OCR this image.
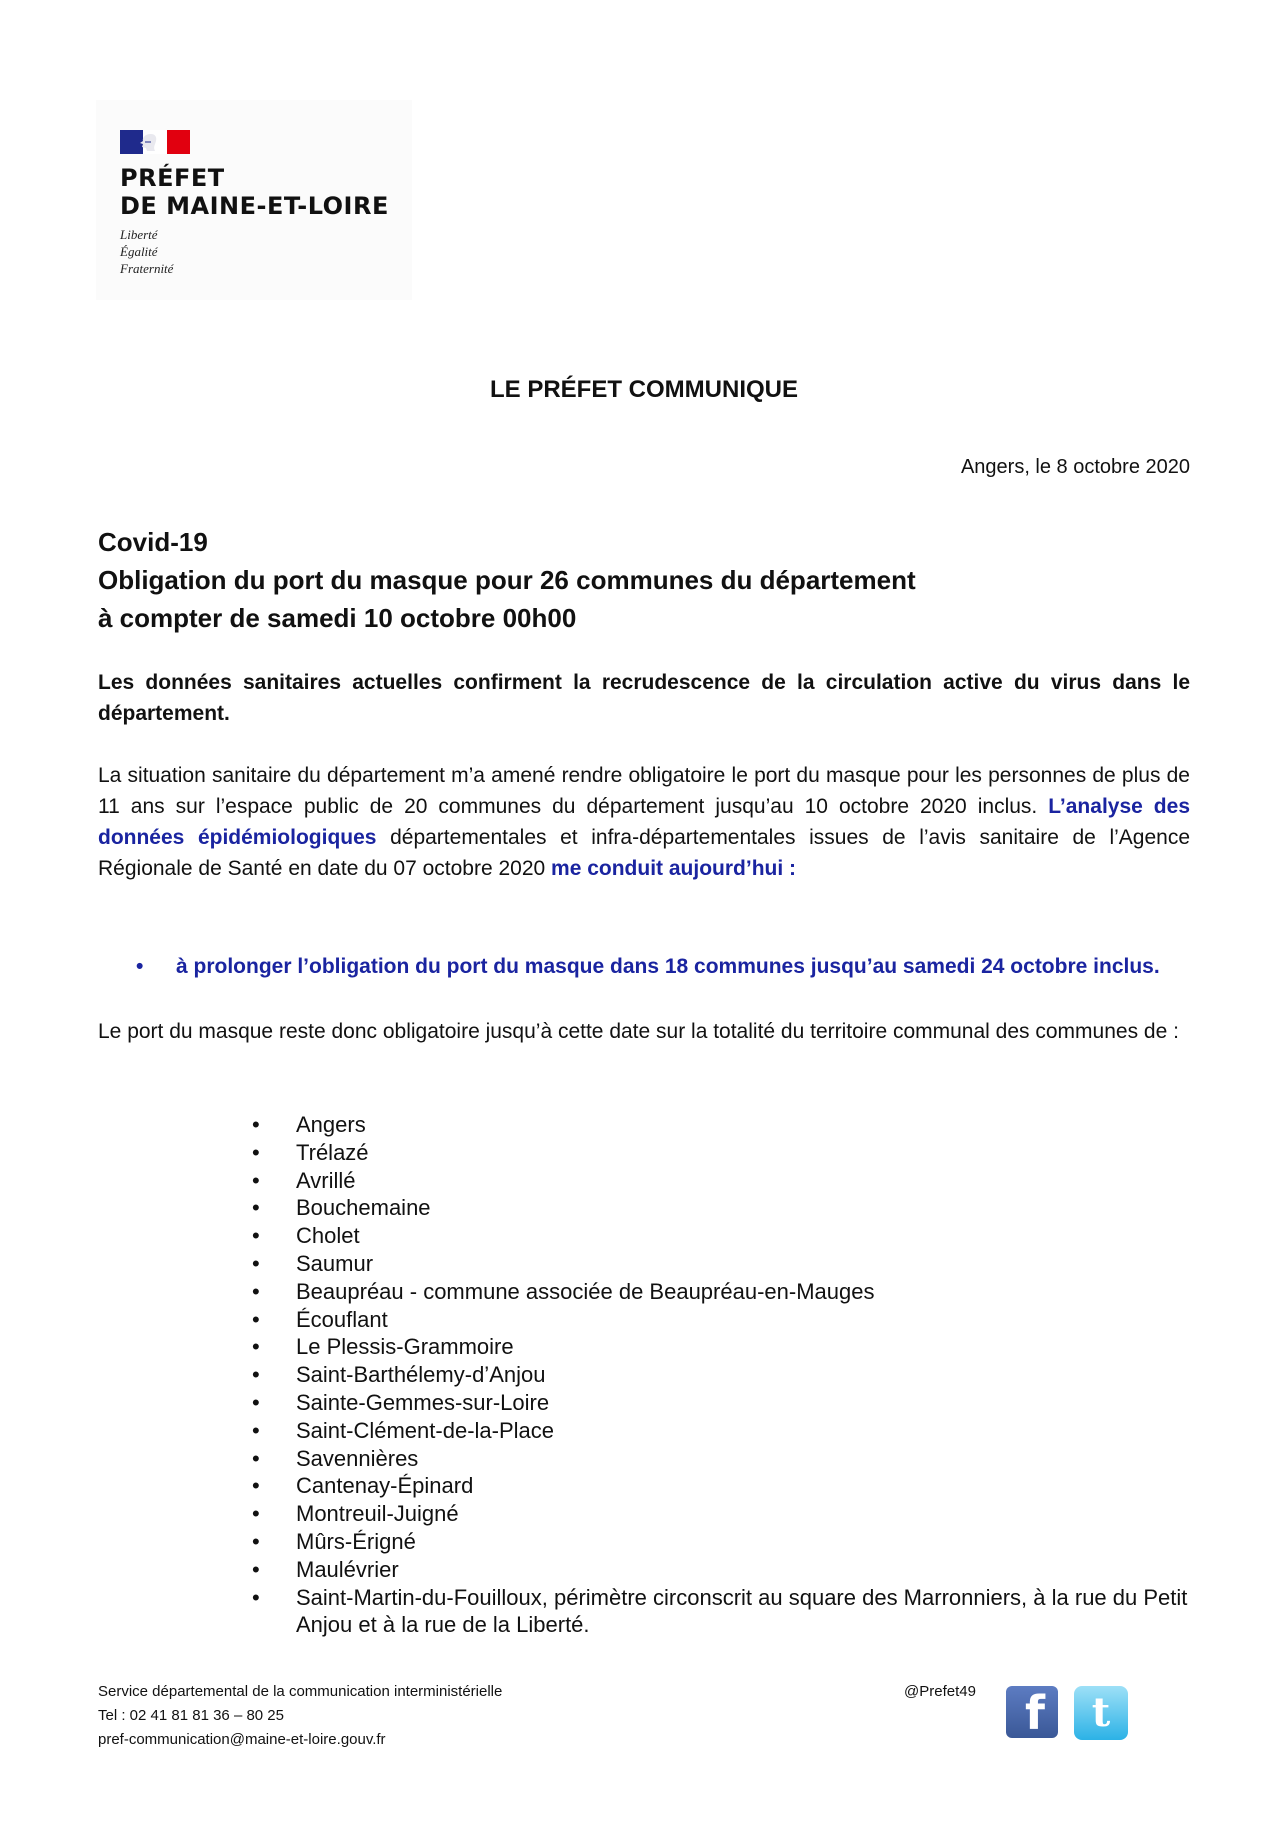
PRÉFET
DE MAINE-ET-LOIRE
Liberté
Égalité
Fraternité
LE PRÉFET COMMUNIQUE
Angers, le 8 octobre 2020
Covid-19
Obligation du port du masque pour 26 communes du département
à compter de samedi 10 octobre 00h00

Les données sanitaires actuelles confirment la recrudescence de la circulation active du virus dans le département.

La situation sanitaire du département m’a amené rendre obligatoire le port du masque pour les personnes de plus de 11 ans sur l’espace public de 20 communes du département jusqu’au 10 octobre 2020 inclus. L’analyse des données épidémiologiques départementales et infra-départementales issues de l’avis sanitaire de l’Agence Régionale de Santé en date du 07 octobre 2020 me conduit aujourd’hui :

• à prolonger l’obligation du port du masque dans 18 communes jusqu’au samedi 24 octobre inclus.

Le port du masque reste donc obligatoire jusqu’à cette date sur la totalité du territoire communal des communes de :

• Angers
• Trélazé
• Avrillé
• Bouchemaine
• Cholet
• Saumur
• Beaupréau - commune associée de Beaupréau-en-Mauges
• Écouflant
• Le Plessis-Grammoire
• Saint-Barthélemy-d’Anjou
• Sainte-Gemmes-sur-Loire
• Saint-Clément-de-la-Place
• Savennières
• Cantenay-Épinard
• Montreuil-Juigné
• Mûrs-Érigné
• Maulévrier
• Saint-Martin-du-Fouilloux, périmètre circonscrit au square des Marronniers, à la rue du Petit Anjou et à la rue de la Liberté.
Service départemental de la communication interministérielle
Tel : 02 41 81 81 36 – 80 25
pref-communication@maine-et-loire.gouv.fr
@Prefet49 f t
